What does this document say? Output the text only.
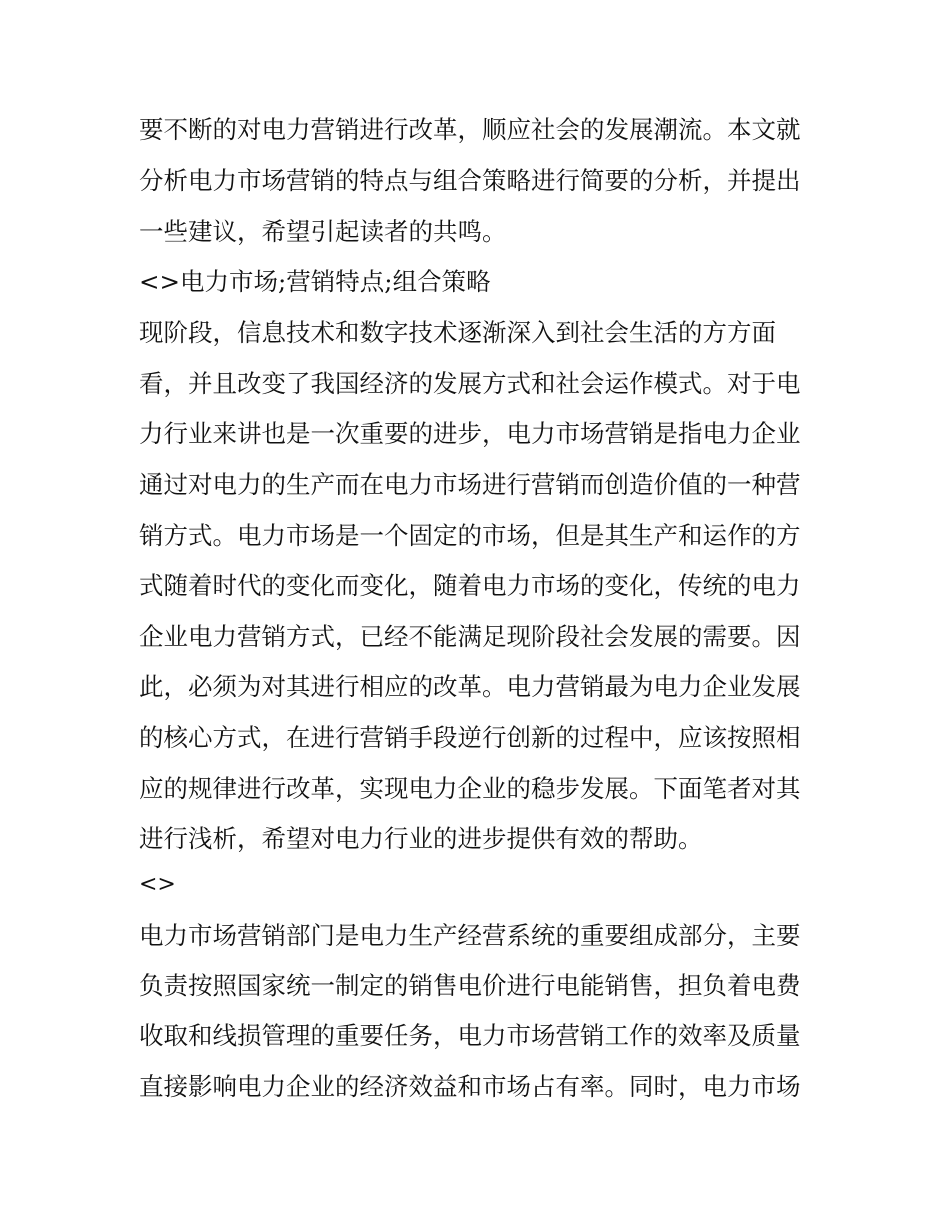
要不断的对电力营销进行改革，顺应社会的发展潮流。本文就
分析电力市场营销的特点与组合策略进行简要的分析，并提出
一些建议，希望引起读者的共鸣。
<>电力市场;营销特点;组合策略
现阶段，信息技术和数字技术逐渐深入到社会生活的方方面
看，并且改变了我国经济的发展方式和社会运作模式。对于电
力行业来讲也是一次重要的进步，电力市场营销是指电力企业
通过对电力的生产而在电力市场进行营销而创造价值的一种营
销方式。电力市场是一个固定的市场，但是其生产和运作的方
式随着时代的变化而变化，随着电力市场的变化，传统的电力
企业电力营销方式，已经不能满足现阶段社会发展的需要。因
此，必须为对其进行相应的改革。电力营销最为电力企业发展
的核心方式，在进行营销手段逆行创新的过程中，应该按照相
应的规律进行改革，实现电力企业的稳步发展。下面笔者对其
进行浅析，希望对电力行业的进步提供有效的帮助。
<>
电力市场营销部门是电力生产经营系统的重要组成部分，主要
负责按照国家统一制定的销售电价进行电能销售，担负着电费
收取和线损管理的重要任务，电力市场营销工作的效率及质量
直接影响电力企业的经济效益和市场占有率。同时，电力市场
